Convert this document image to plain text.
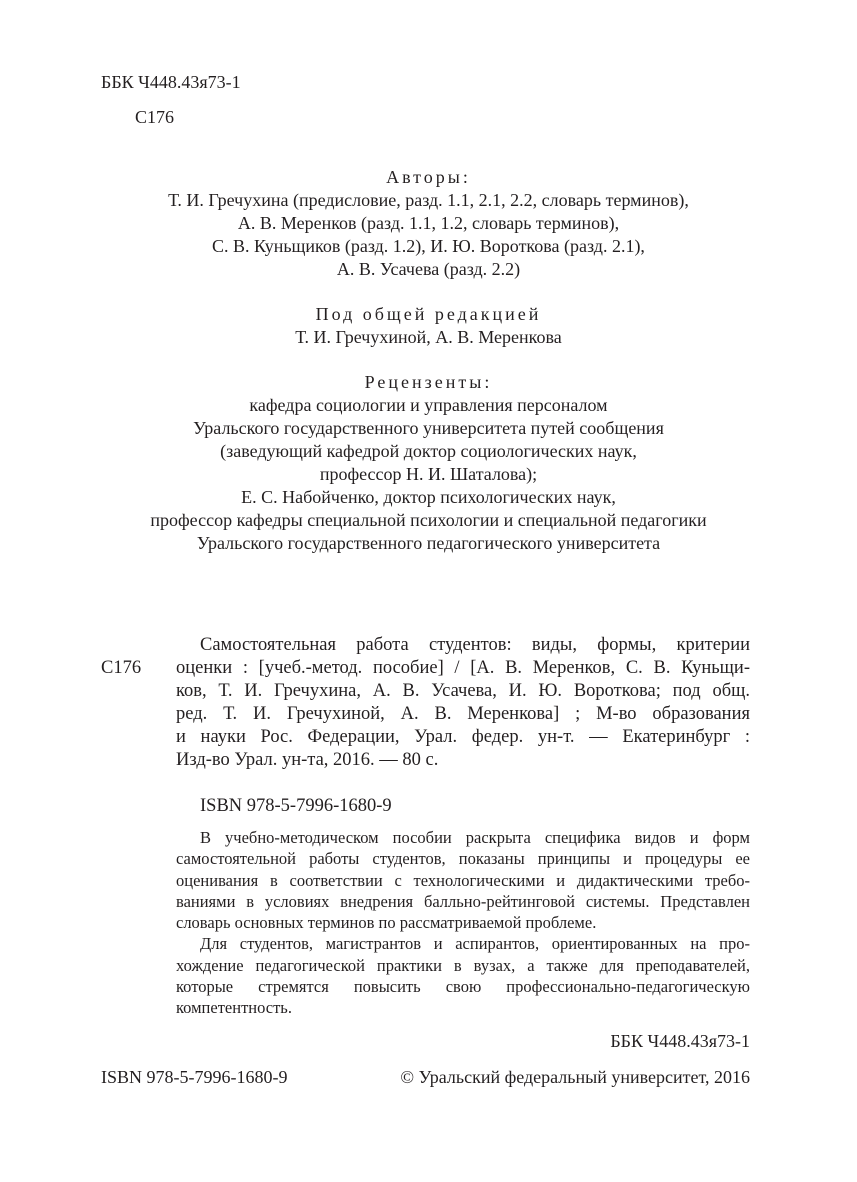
ББК Ч448.43я73-1
С176
Авторы:
Т. И. Гречухина (предисловие, разд. 1.1, 2.1, 2.2, словарь терминов),
А. В. Меренков (разд. 1.1, 1.2, словарь терминов),
С. В. Куньщиков (разд. 1.2), И. Ю. Вороткова (разд. 2.1),
А. В. Усачева (разд. 2.2)
Под общей редакцией
Т. И. Гречухиной, А. В. Меренкова
Рецензенты:
кафедра социологии и управления персоналом
Уральского государственного университета путей сообщения
(заведующий кафедрой доктор социологических наук,
профессор Н. И. Шаталова);
Е. С. Набойченко, доктор психологических наук,
профессор кафедры специальной психологии и специальной педагогики
Уральского государственного педагогического университета
С176
Самостоятельная работа студентов: виды, формы, критерии
оценки : [учеб.-метод. пособие] / [А. В. Меренков, С. В. Куньщи-
ков, Т. И. Гречухина, А. В. Усачева, И. Ю. Вороткова; под общ.
ред. Т. И. Гречухиной, А. В. Меренкова] ; М-во образования
и науки Рос. Федерации, Урал. федер. ун-т. — Екатеринбург :
Изд-во Урал. ун-та, 2016. — 80 с.
ISBN 978-5-7996-1680-9
В учебно-методическом пособии раскрыта специфика видов и форм
самостоятельной работы студентов, показаны принципы и процедуры ее
оценивания в соответствии с технологическими и дидактическими требо-
ваниями в условиях внедрения балльно-рейтинговой системы. Представлен
словарь основных терминов по рассматриваемой проблеме.
Для студентов, магистрантов и аспирантов, ориентированных на про-
хождение педагогической практики в вузах, а также для преподавателей,
которые стремятся повысить свою профессионально-педагогическую
компетентность.
ББК Ч448.43я73-1
ISBN 978-5-7996-1680-9	© Уральский федеральный университет, 2016
